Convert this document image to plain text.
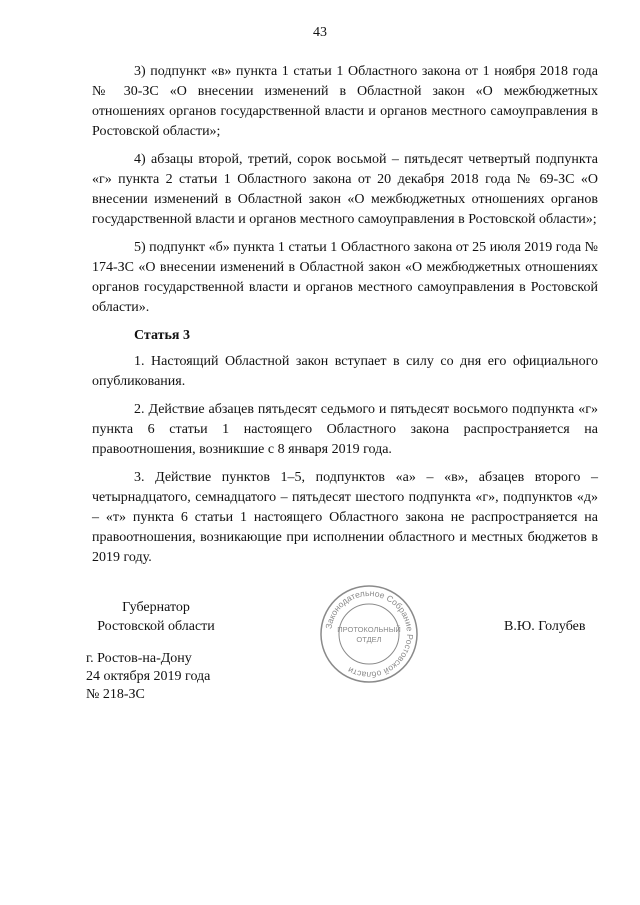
43

3) подпункт «в» пункта 1 статьи 1 Областного закона от 1 ноября 2018 года № 30-ЗС «О внесении изменений в Областной закон «О межбюджетных отношениях органов государственной власти и органов местного самоуправления в Ростовской области»;

4) абзацы второй, третий, сорок восьмой – пятьдесят четвертый подпункта «г» пункта 2 статьи 1 Областного закона от 20 декабря 2018 года № 69-ЗС «О внесении изменений в Областной закон «О межбюджетных отношениях органов государственной власти и органов местного самоуправления в Ростовской области»;

5) подпункт «б» пункта 1 статьи 1 Областного закона от 25 июля 2019 года № 174-ЗС «О внесении изменений в Областной закон «О межбюджетных отношениях органов государственной власти и органов местного самоуправления в Ростовской области».

Статья 3

1. Настоящий Областной закон вступает в силу со дня его официального опубликования.

2. Действие абзацев пятьдесят седьмого и пятьдесят восьмого подпункта «г» пункта 6 статьи 1 настоящего Областного закона распространяется на правоотношения, возникшие с 8 января 2019 года.

3. Действие пунктов 1–5, подпунктов «а» – «в», абзацев второго – четырнадцатого, семнадцатого – пятьдесят шестого подпункта «г», подпунктов «д» – «т» пункта 6 статьи 1 настоящего Областного закона не распространяется на правоотношения, возникающие при исполнении областного и местных бюджетов в 2019 году.

Губернатор
Ростовской области	Законодательное Собрание Ростовской области
ПРОТОКОЛЬНЫЙ
ОТДЕЛ
В.Ю. Голубев
г. Ростов-на-Дону
24 октября 2019 года
№ 218-ЗС
